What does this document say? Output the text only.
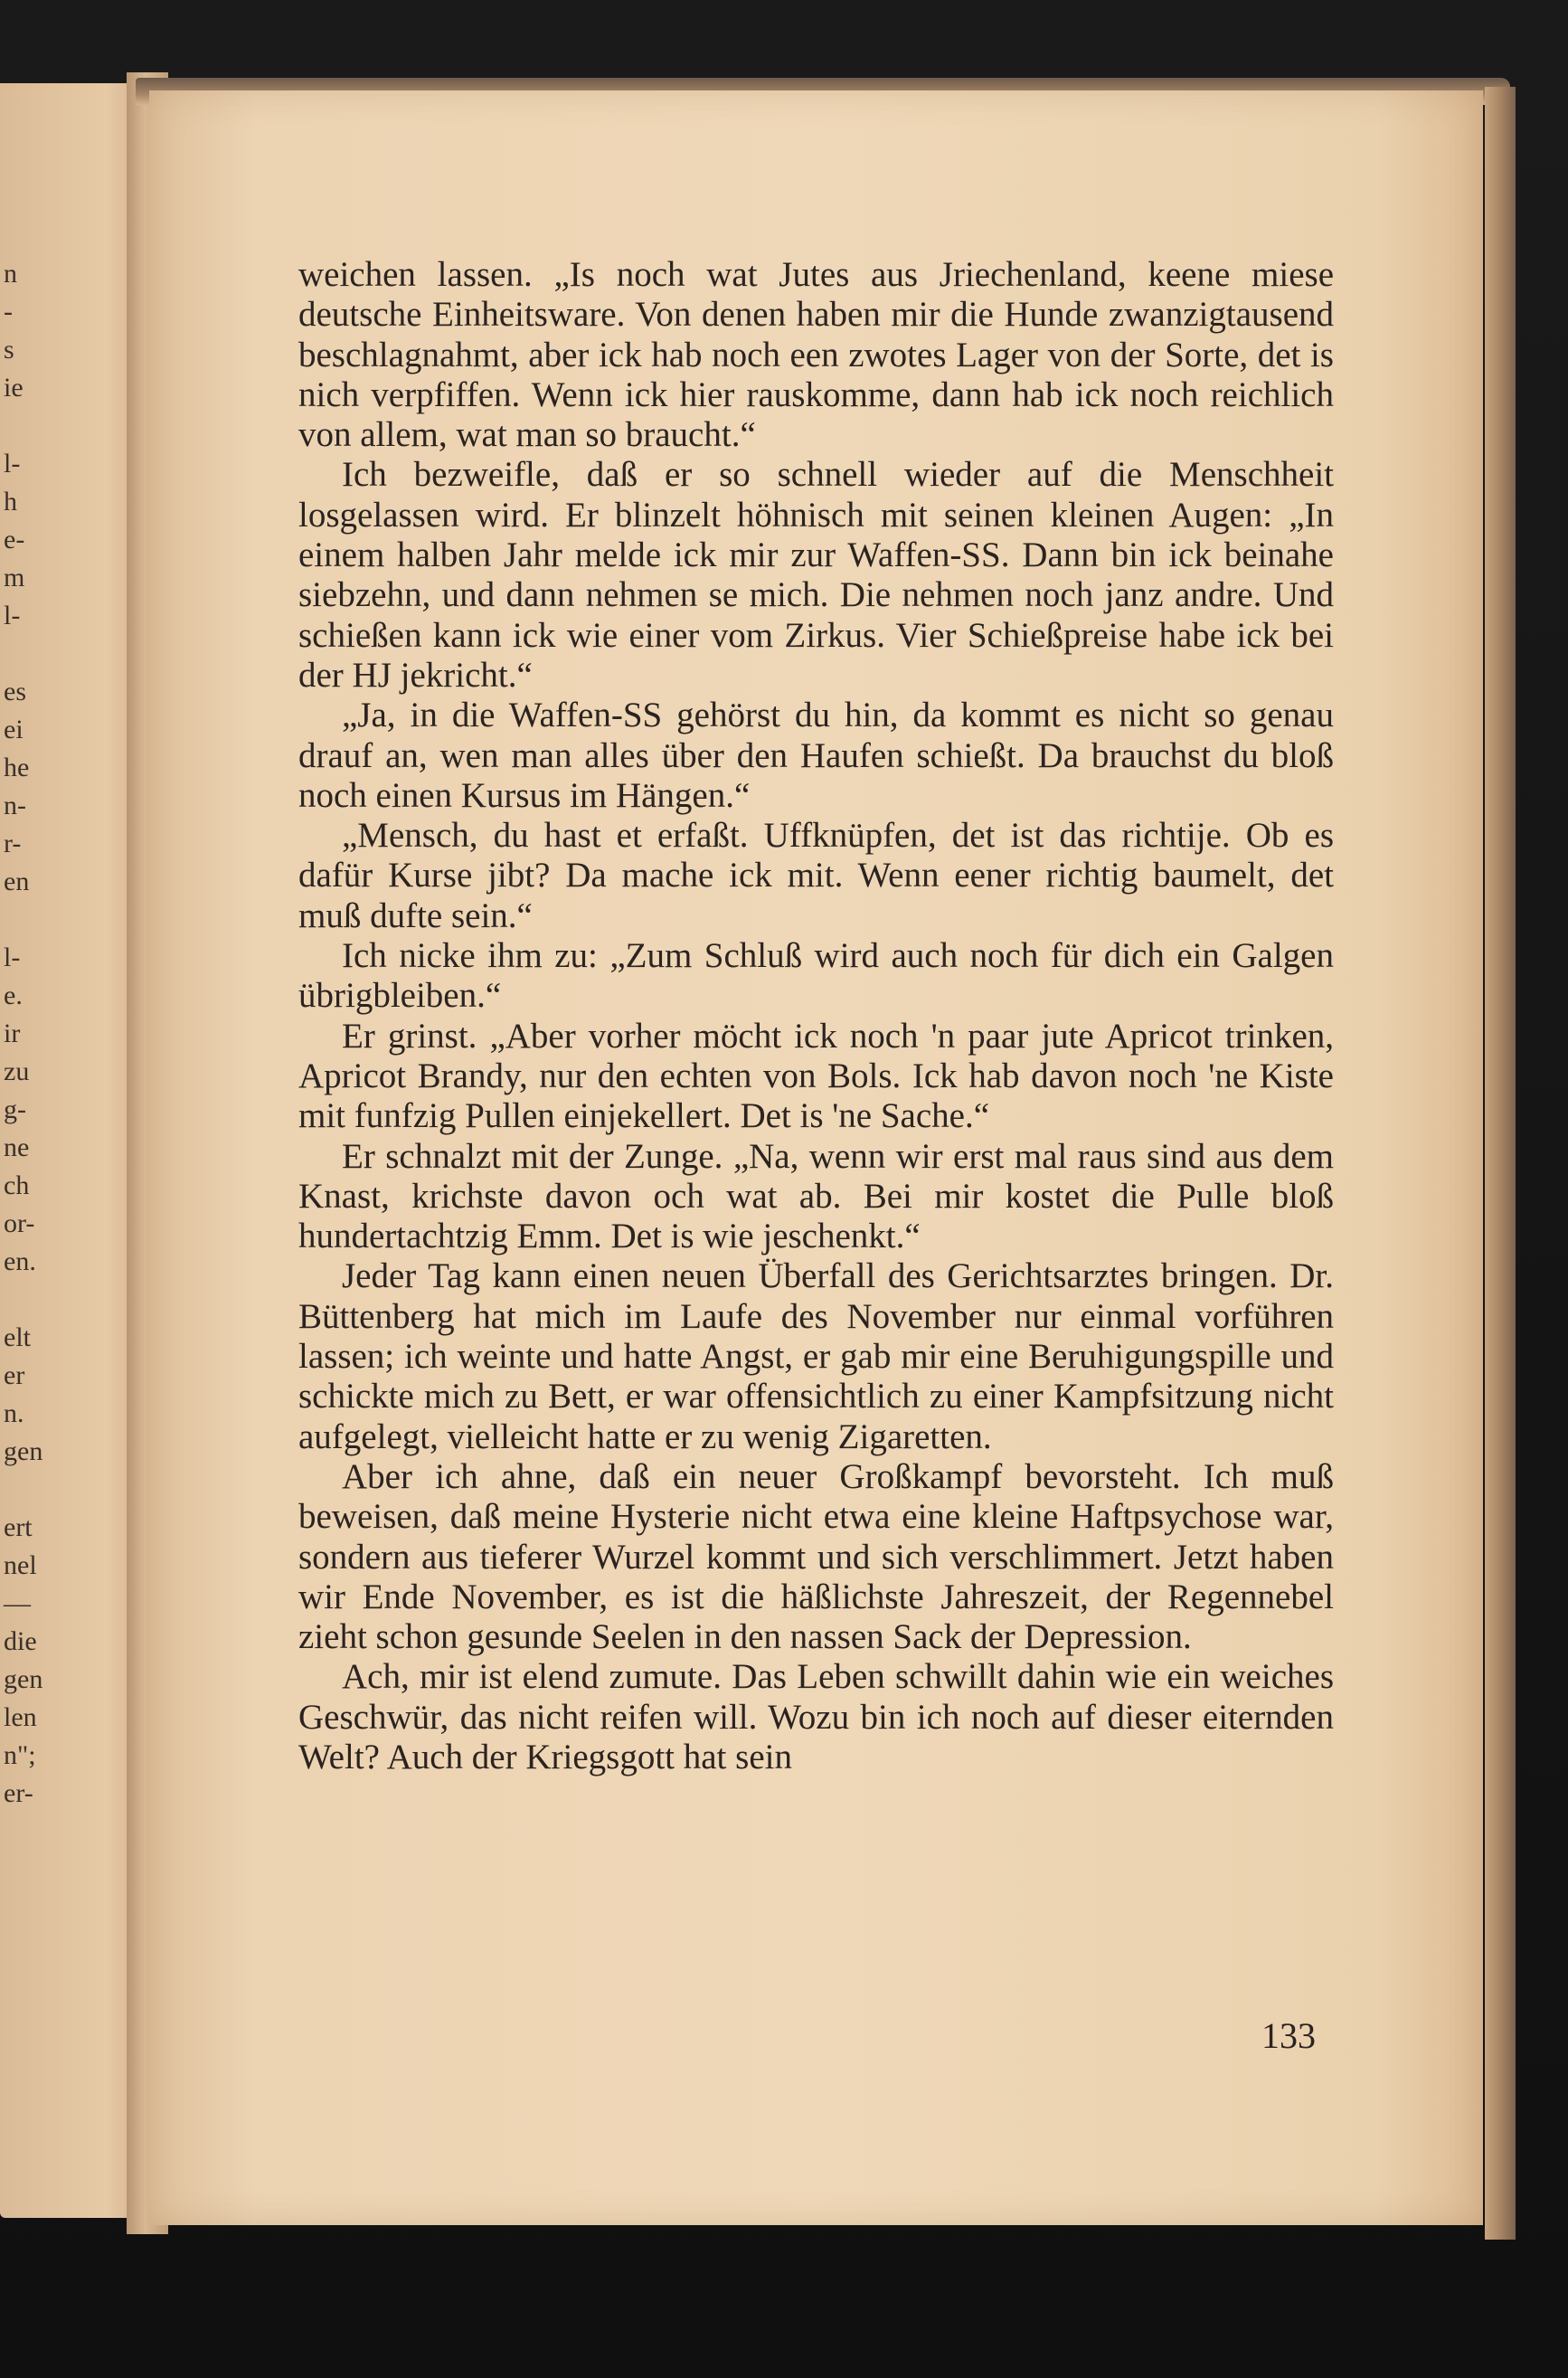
n
-
s
ie
l-
h
e-
m
l-
es
ei
he
n-
r-
en
l-
e.
ir
zu
g-
ne
ch
or-
en.
elt
er
n.
gen
ert
nel
—
die
gen
len
n";
er-

weichen lassen. „Is noch wat Jutes aus Jriechenland, keene miese deutsche Einheitsware. Von denen haben mir die Hunde zwanzigtausend beschlagnahmt, aber ick hab noch een zwotes Lager von der Sorte, det is nich verpfiffen. Wenn ick hier rauskomme, dann hab ick noch reichlich von allem, wat man so braucht.“

Ich bezweifle, daß er so schnell wieder auf die Menschheit losgelassen wird. Er blinzelt höhnisch mit seinen kleinen Augen: „In einem halben Jahr melde ick mir zur Waffen-SS. Dann bin ick beinahe siebzehn, und dann nehmen se mich. Die nehmen noch janz andre. Und schießen kann ick wie einer vom Zirkus. Vier Schießpreise habe ick bei der HJ jekricht.“

„Ja, in die Waffen-SS gehörst du hin, da kommt es nicht so genau drauf an, wen man alles über den Haufen schießt. Da brauchst du bloß noch einen Kursus im Hängen.“

„Mensch, du hast et erfaßt. Uffknüpfen, det ist das richtije. Ob es dafür Kurse jibt? Da mache ick mit. Wenn eener richtig baumelt, det muß dufte sein.“

Ich nicke ihm zu: „Zum Schluß wird auch noch für dich ein Galgen übrigbleiben.“

Er grinst. „Aber vorher möcht ick noch 'n paar jute Apricot trinken, Apricot Brandy, nur den echten von Bols. Ick hab davon noch 'ne Kiste mit funfzig Pullen einjekellert. Det is 'ne Sache.“

Er schnalzt mit der Zunge. „Na, wenn wir erst mal raus sind aus dem Knast, krichste davon och wat ab. Bei mir kostet die Pulle bloß hundertachtzig Emm. Det is wie jeschenkt.“

Jeder Tag kann einen neuen Überfall des Gerichtsarztes bringen. Dr. Büttenberg hat mich im Laufe des November nur einmal vorführen lassen; ich weinte und hatte Angst, er gab mir eine Beruhigungspille und schickte mich zu Bett, er war offensichtlich zu einer Kampfsitzung nicht aufgelegt, vielleicht hatte er zu wenig Zigaretten.

Aber ich ahne, daß ein neuer Großkampf bevorsteht. Ich muß beweisen, daß meine Hysterie nicht etwa eine kleine Haftpsychose war, sondern aus tieferer Wurzel kommt und sich verschlimmert. Jetzt haben wir Ende November, es ist die häßlichste Jahreszeit, der Regennebel zieht schon gesunde Seelen in den nassen Sack der Depression.

Ach, mir ist elend zumute. Das Leben schwillt dahin wie ein weiches Geschwür, das nicht reifen will. Wozu bin ich noch auf dieser eiternden Welt? Auch der Kriegsgott hat sein

133
